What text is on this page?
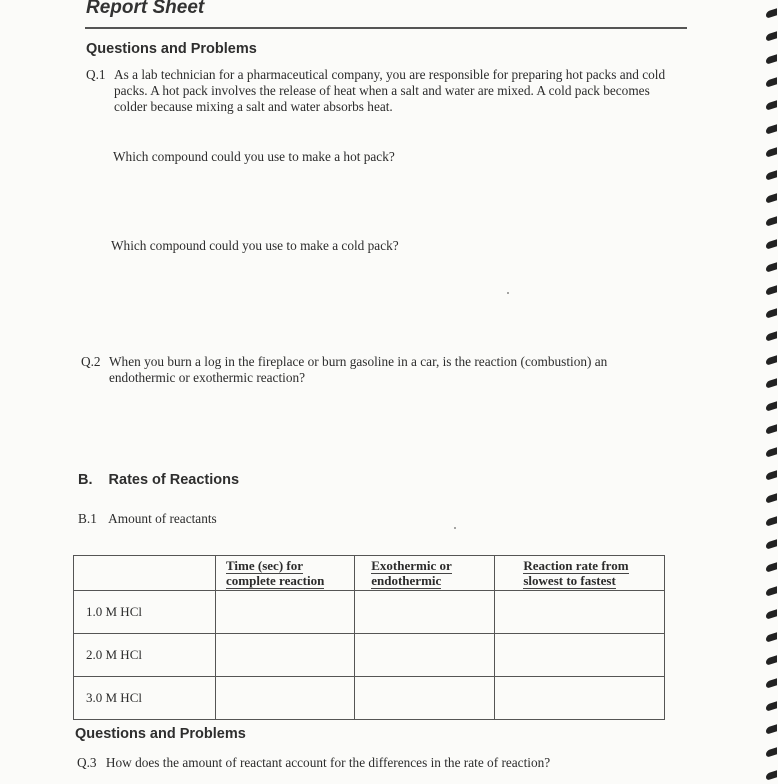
Report Sheet
Questions and Problems
Q.1 As a lab technician for a pharmaceutical company, you are responsible for preparing hot packs and cold packs. A hot pack involves the release of heat when a salt and water are mixed. A cold pack becomes colder because mixing a salt and water absorbs heat.
Which compound could you use to make a hot pack?
Which compound could you use to make a cold pack?
Q.2 When you burn a log in the fireplace or burn gasoline in a car, is the reaction (combustion) an endothermic or exothermic reaction?
B. Rates of Reactions
B.1 Amount of reactants
	Time (sec) for complete reaction	Exothermic or endothermic	Reaction rate from slowest to fastest
1.0 M HCl			
2.0 M HCl			
3.0 M HCl			
Questions and Problems
Q.3 How does the amount of reactant account for the differences in the rate of reaction?
